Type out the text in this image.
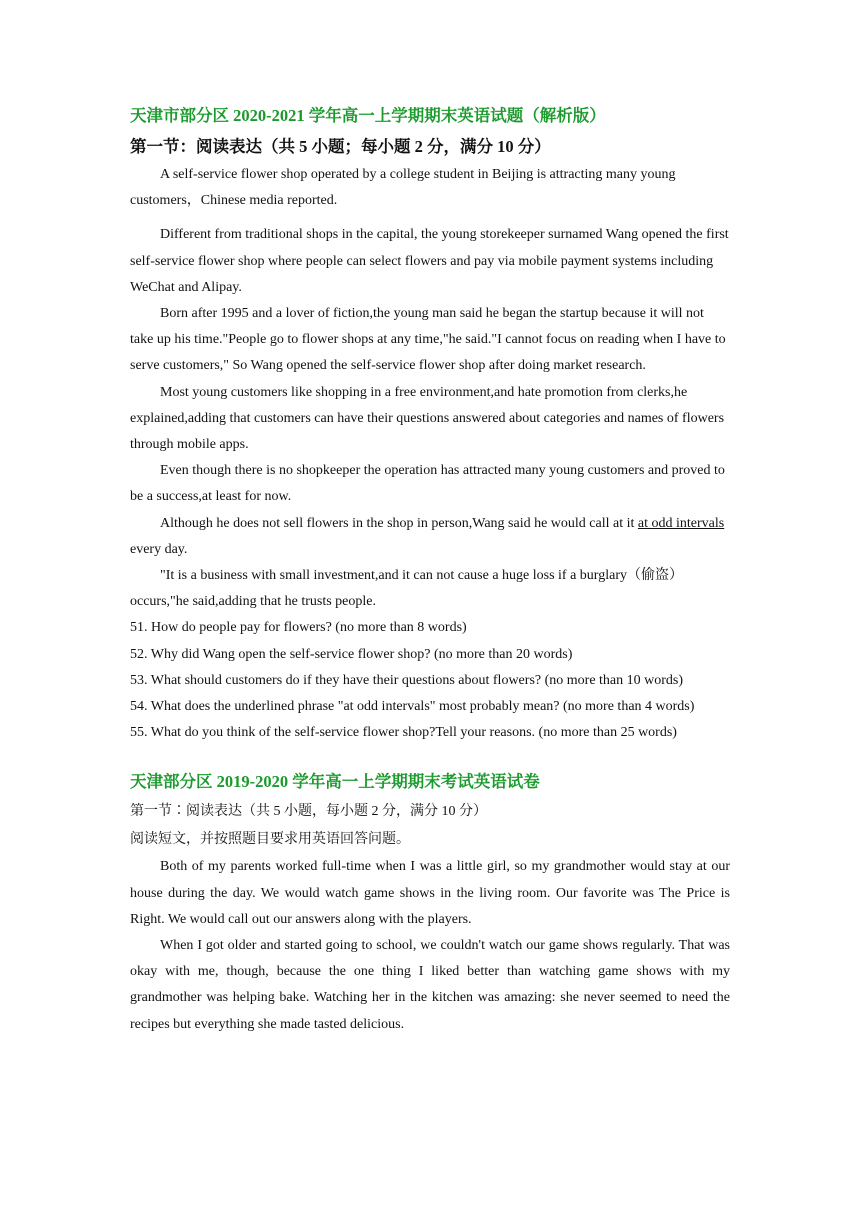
天津市部分区 2020-2021 学年高一上学期期末英语试题（解析版）

第一节：阅读表达（共 5 小题；每小题 2 分，满分 10 分）

A self-service flower shop operated by a college student in Beijing is attracting many young customers，Chinese media reported.

Different from traditional shops in the capital, the young storekeeper surnamed Wang opened the first self-service flower shop where people can select flowers and pay via mobile payment systems including WeChat and Alipay.

Born after 1995 and a lover of fiction,the young man said he began the startup because it will not take up his time."People go to flower shops at any time,"he said."I cannot focus on reading when I have to serve customers," So Wang opened the self-service flower shop after doing market research.

Most young customers like shopping in a free environment,and hate promotion from clerks,he explained,adding that customers can have their questions answered about categories and names of flowers through mobile apps.

Even though there is no shopkeeper the operation has attracted many young customers and proved to be a success,at least for now.

Although he does not sell flowers in the shop in person,Wang said he would call at it at odd intervals every day.

"It is a business with small investment,and it can not cause a huge loss if a burglary（偷盗）occurs,"he said,adding that he trusts people.

51. How do people pay for flowers? (no more than 8 words)

52. Why did Wang open the self-service flower shop? (no more than 20 words)

53. What should customers do if they have their questions about flowers? (no more than 10 words)

54. What does the underlined phrase "at odd intervals" most probably mean? (no more than 4 words)

55. What do you think of the self-service flower shop?Tell your reasons. (no more than 25 words)

天津部分区 2019-2020 学年高一上学期期末考试英语试卷

第一节∶阅读表达（共 5 小题，每小题 2 分，满分 10 分）

阅读短文，并按照题目要求用英语回答问题。

Both of my parents worked full-time when I was a little girl, so my grandmother would stay at our house during the day. We would watch game shows in the living room. Our favorite was The Price is Right. We would call out our answers along with the players.

When I got older and started going to school, we couldn't watch our game shows regularly. That was okay with me, though, because the one thing I liked better than watching game shows with my grandmother was helping bake. Watching her in the kitchen was amazing: she never seemed to need the recipes but everything she made tasted delicious.
